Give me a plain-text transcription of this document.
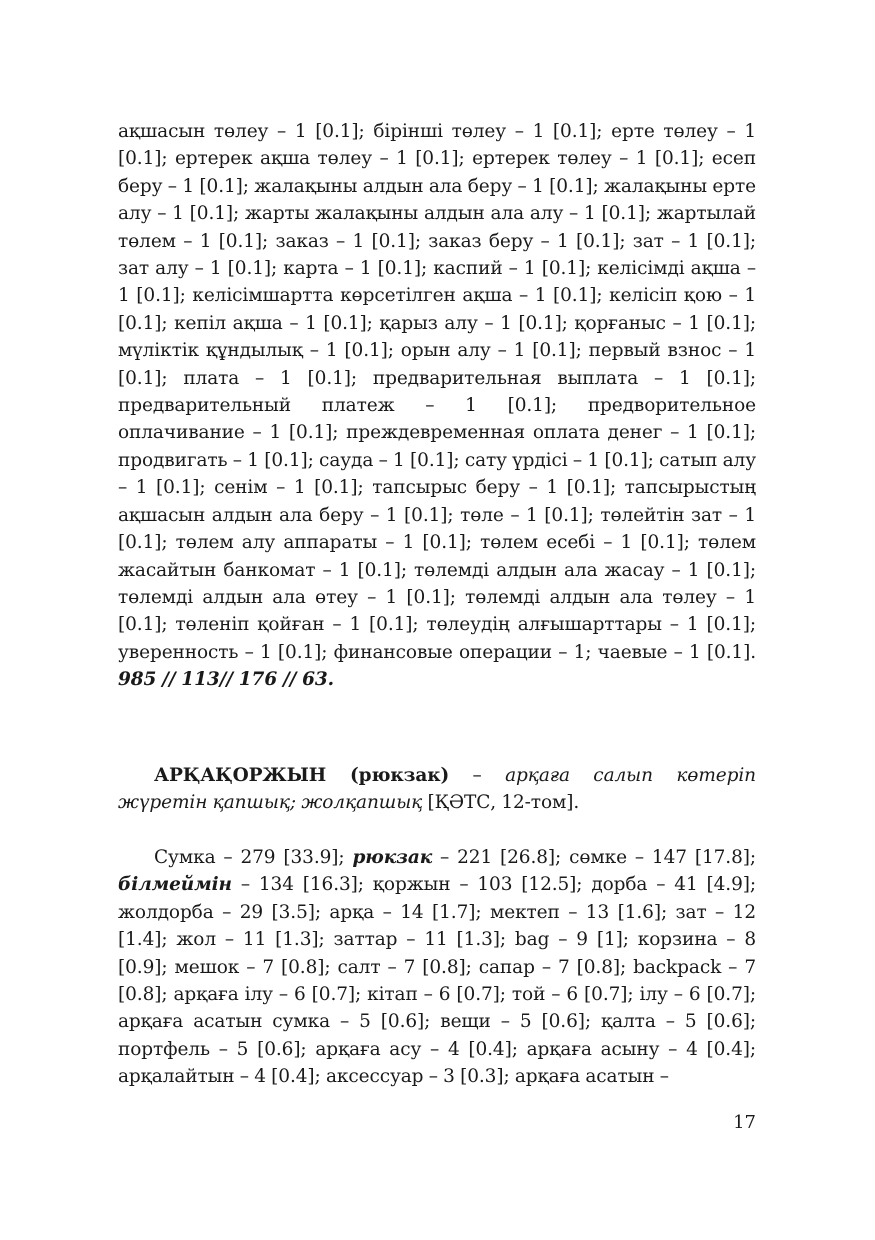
ақшасын төлеу – 1 [0.1]; бірінші төлеу – 1 [0.1]; ерте төлеу – 1 [0.1]; ертерек ақша төлеу – 1 [0.1]; ертерек төлеу – 1 [0.1]; есеп беру – 1 [0.1]; жалақыны алдын ала беру – 1 [0.1]; жалақыны ерте алу – 1 [0.1]; жарты жалақыны алдын ала алу – 1 [0.1]; жартылай төлем – 1 [0.1]; заказ – 1 [0.1]; заказ беру – 1 [0.1]; зат – 1 [0.1]; зат алу – 1 [0.1]; карта – 1 [0.1]; каспий – 1 [0.1]; келісімді ақша – 1 [0.1]; келісімшартта көрсетілген ақша – 1 [0.1]; келісіп қою – 1 [0.1]; кепіл ақша – 1 [0.1]; қарыз алу – 1 [0.1]; қорғаныс – 1 [0.1]; мүліктік құндылық – 1 [0.1]; орын алу – 1 [0.1]; первый взнос – 1 [0.1]; плата – 1 [0.1]; предварительная выплата – 1 [0.1]; предварительный платеж – 1 [0.1]; предворительное оплачивание – 1 [0.1]; преждевременная оплата денег – 1 [0.1]; продвигать – 1 [0.1]; сауда – 1 [0.1]; сату үрдісі – 1 [0.1]; сатып алу – 1 [0.1]; сенім – 1 [0.1]; тапсырыс беру – 1 [0.1]; тапсырыстың ақшасын алдын ала беру – 1 [0.1]; төле – 1 [0.1]; төлейтін зат – 1 [0.1]; төлем алу аппараты – 1 [0.1]; төлем есебі – 1 [0.1]; төлем жасайтын банкомат – 1 [0.1]; төлемді алдын ала жасау – 1 [0.1]; төлемді алдын ала өтеу – 1 [0.1]; төлемді алдын ала төлеу – 1 [0.1]; төленіп қойған – 1 [0.1]; төлеудің алғышарттары – 1 [0.1]; уверенность – 1 [0.1]; финансовые операции – 1; чаевые – 1 [0.1]. 985 // 113// 176 // 63.

АРҚАҚОРЖЫН (рюкзак) – арқаға салып көтеріп жүретін қапшық; жолқапшық [ҚӘТС, 12-том].

Сумка – 279 [33.9]; рюкзак – 221 [26.8]; сөмке – 147 [17.8]; білмеймін – 134 [16.3]; қоржын – 103 [12.5]; дорба – 41 [4.9]; жолдорба – 29 [3.5]; арқа – 14 [1.7]; мектеп – 13 [1.6]; зат – 12 [1.4]; жол – 11 [1.3]; заттар – 11 [1.3]; bag – 9 [1]; корзина – 8 [0.9]; мешок – 7 [0.8]; салт – 7 [0.8]; сапар – 7 [0.8]; backpack – 7 [0.8]; арқаға ілу – 6 [0.7]; кітап – 6 [0.7]; той – 6 [0.7]; ілу – 6 [0.7]; арқаға асатын сумка – 5 [0.6]; вещи – 5 [0.6]; қалта – 5 [0.6]; портфель – 5 [0.6]; арқаға асу – 4 [0.4]; арқаға асыну – 4 [0.4]; арқалайтын – 4 [0.4]; аксессуар – 3 [0.3]; арқаға асатын –

17
